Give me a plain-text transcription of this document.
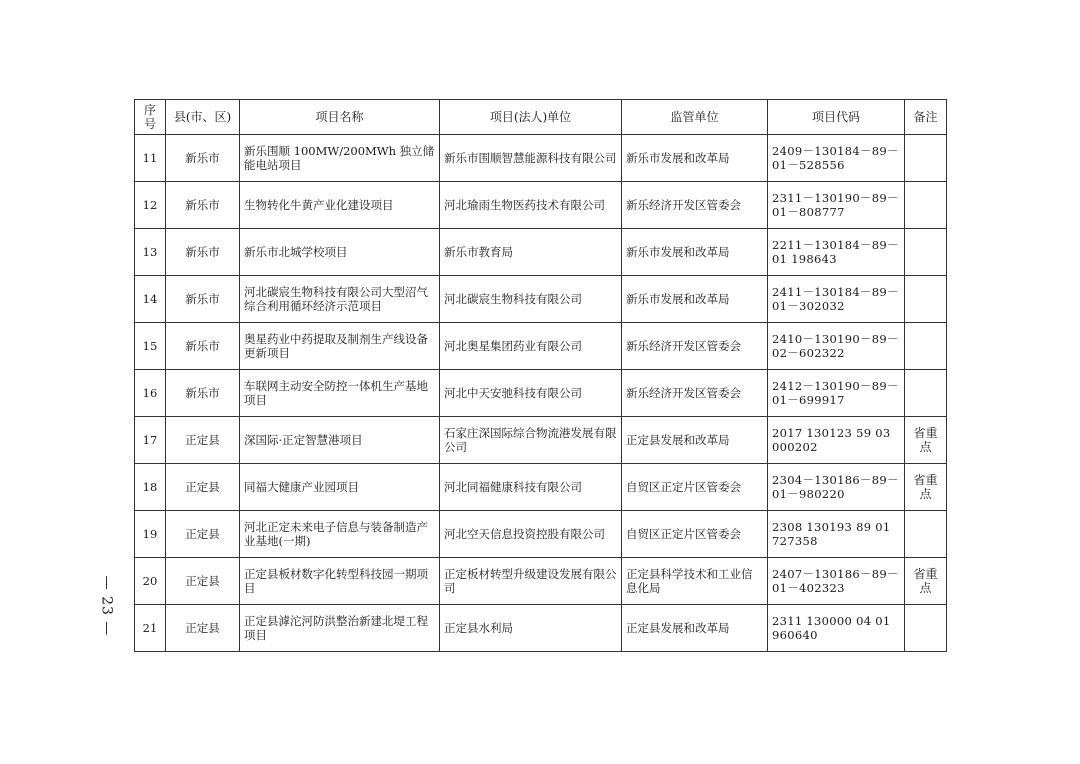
— 23 —
序号	县(市、区)	项目名称	项目(法人)单位	监管单位	项目代码	备注
11	新乐市	新乐围顺 100MW/200MWh 独立储能电站项目	新乐市围顺智慧能源科技有限公司	新乐市发展和改革局	2409－130184－89－01－528556	
12	新乐市	生物转化牛黄产业化建设项目	河北瑜雨生物医药技术有限公司	新乐经济开发区管委会	2311－130190－89－01－808777	
13	新乐市	新乐市北城学校项目	新乐市教育局	新乐市发展和改革局	2211－130184－89－01 198643	
14	新乐市	河北碳宸生物科技有限公司大型沼气综合利用循环经济示范项目	河北碳宸生物科技有限公司	新乐市发展和改革局	2411－130184－89－01－302032	
15	新乐市	奥星药业中药提取及制剂生产线设备更新项目	河北奥星集团药业有限公司	新乐经济开发区管委会	2410－130190－89－02－602322	
16	新乐市	车联网主动安全防控一体机生产基地项目	河北中天安驰科技有限公司	新乐经济开发区管委会	2412－130190－89－01－699917	
17	正定县	深国际·正定智慧港项目	石家庄深国际综合物流港发展有限公司	正定县发展和改革局	2017 130123 59 03 000202	省重点
18	正定县	同福大健康产业园项目	河北同福健康科技有限公司	自贸区正定片区管委会	2304－130186－89－01－980220	省重点
19	正定县	河北正定未来电子信息与装备制造产业基地(一期)	河北空天信息投资控股有限公司	自贸区正定片区管委会	2308 130193 89 01 727358	
20	正定县	正定县板材数字化转型科技园一期项目	正定板材转型升级建设发展有限公司	正定县科学技术和工业信息化局	2407－130186－89－01－402323	省重点
21	正定县	正定县滹沱河防洪整治新建北堤工程项目	正定县水利局	正定县发展和改革局	2311 130000 04 01 960640	
